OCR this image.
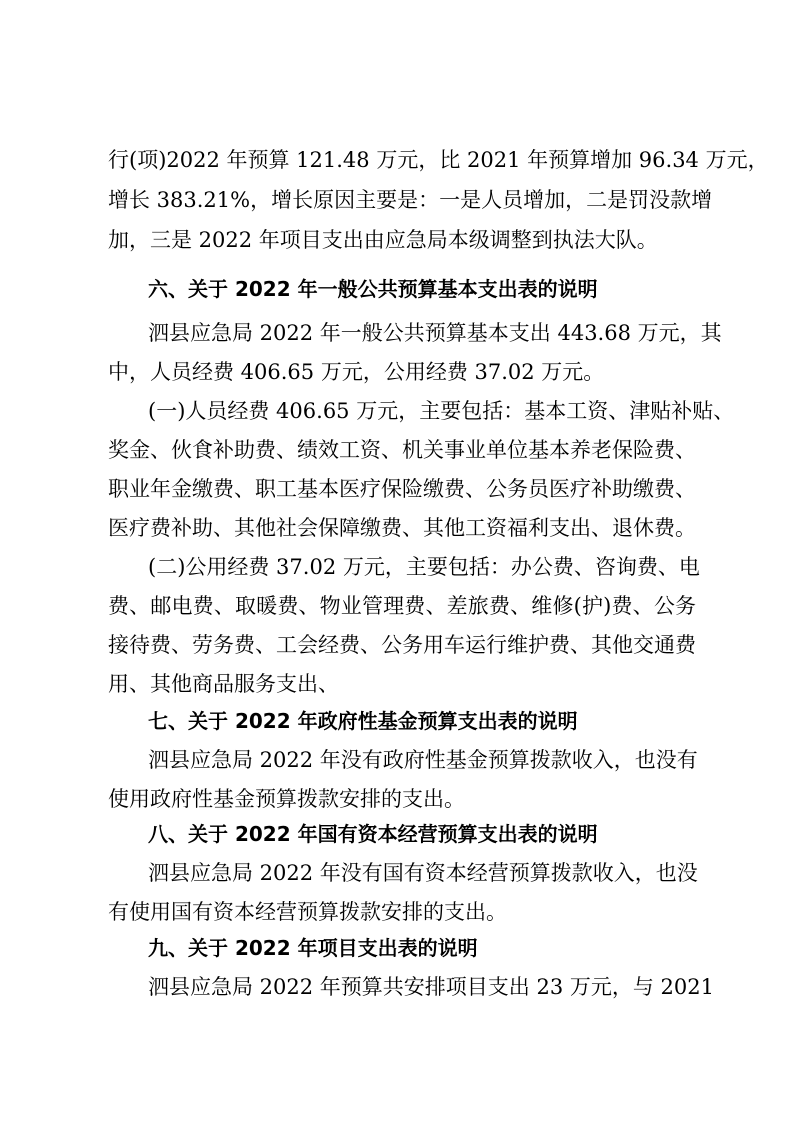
行(项)2022 年预算 121.48 万元，比 2021 年预算增加 96.34 万元，
增长 383.21%，增长原因主要是：一是人员增加，二是罚没款增
加，三是 2022 年项目支出由应急局本级调整到执法大队。
六、关于 2022 年一般公共预算基本支出表的说明
泗县应急局 2022 年一般公共预算基本支出 443.68 万元，其
中，人员经费 406.65 万元，公用经费 37.02 万元。
(一)人员经费 406.65 万元，主要包括：基本工资、津贴补贴、
奖金、伙食补助费、绩效工资、机关事业单位基本养老保险费、
职业年金缴费、职工基本医疗保险缴费、公务员医疗补助缴费、
医疗费补助、其他社会保障缴费、其他工资福利支出、退休费。
(二)公用经费 37.02 万元，主要包括：办公费、咨询费、电
费、邮电费、取暖费、物业管理费、差旅费、维修(护)费、公务
接待费、劳务费、工会经费、公务用车运行维护费、其他交通费
用、其他商品服务支出、
七、关于 2022 年政府性基金预算支出表的说明
泗县应急局 2022 年没有政府性基金预算拨款收入，也没有
使用政府性基金预算拨款安排的支出。
八、关于 2022 年国有资本经营预算支出表的说明
泗县应急局 2022 年没有国有资本经营预算拨款收入，也没
有使用国有资本经营预算拨款安排的支出。
九、关于 2022 年项目支出表的说明
泗县应急局 2022 年预算共安排项目支出 23 万元，与 2021
